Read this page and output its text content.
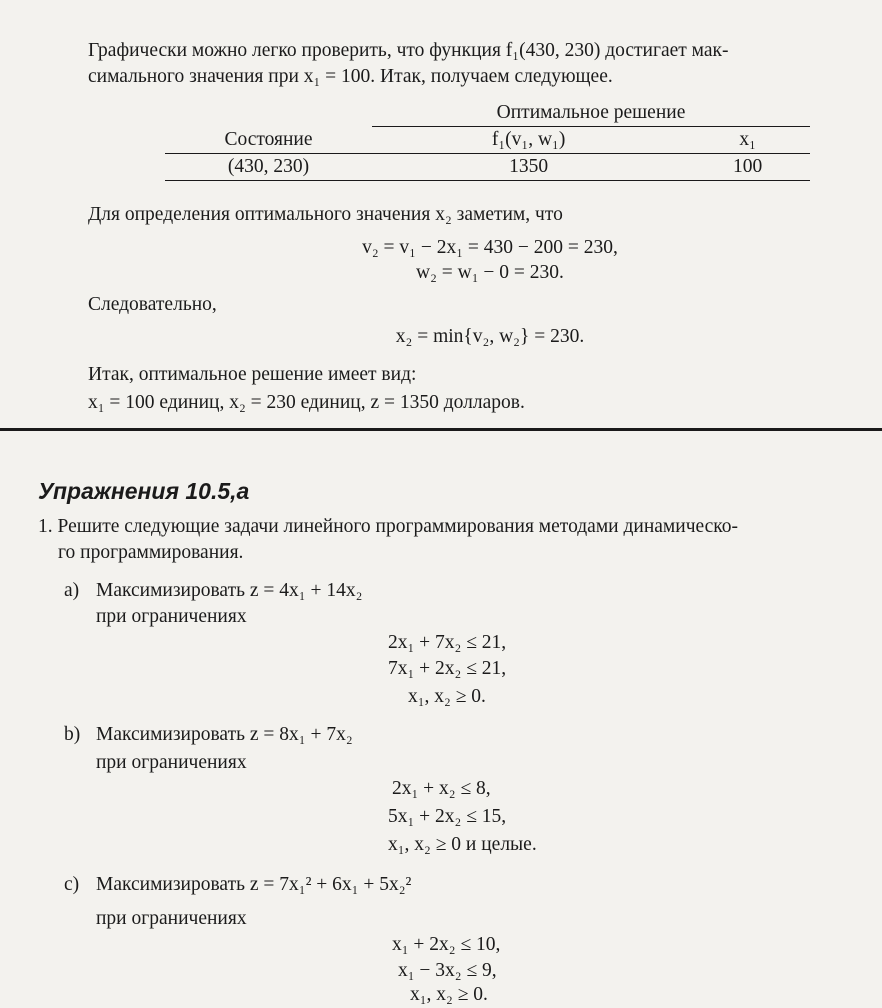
Графически можно легко проверить, что функция f₁(430, 230) достигает мак-
симального значения при x₁ = 100. Итак, получаем следующее.
	Оптимальное решение	
Состояние	f₁(v₁, w₁)	x₁
(430, 230)	1350	100
Для определения оптимального значения x₂ заметим, что
v₂ = v₁ − 2x₁ = 430 − 200 = 230,
w₂ = w₁ − 0 = 230.
Следовательно,
x₂ = min{v₂, w₂} = 230.
Итак, оптимальное решение имеет вид:
x₁ = 100 единиц, x₂ = 230 единиц, z = 1350 долларов.
Упражнения 10.5,a
1. Решите следующие задачи линейного программирования методами динамическо-
го программирования.
a) Максимизировать z = 4x₁ + 14x₂
при ограничениях
2x₁ + 7x₂ ≤ 21,
7x₁ + 2x₂ ≤ 21,
x₁, x₂ ≥ 0.
b) Максимизировать z = 8x₁ + 7x₂
при ограничениях
2x₁ + x₂ ≤ 8,
5x₁ + 2x₂ ≤ 15,
x₁, x₂ ≥ 0 и целые.
c) Максимизировать z = 7x₁² + 6x₁ + 5x₂²
при ограничениях
x₁ + 2x₂ ≤ 10,
x₁ − 3x₂ ≤ 9,
x₁, x₂ ≥ 0.
